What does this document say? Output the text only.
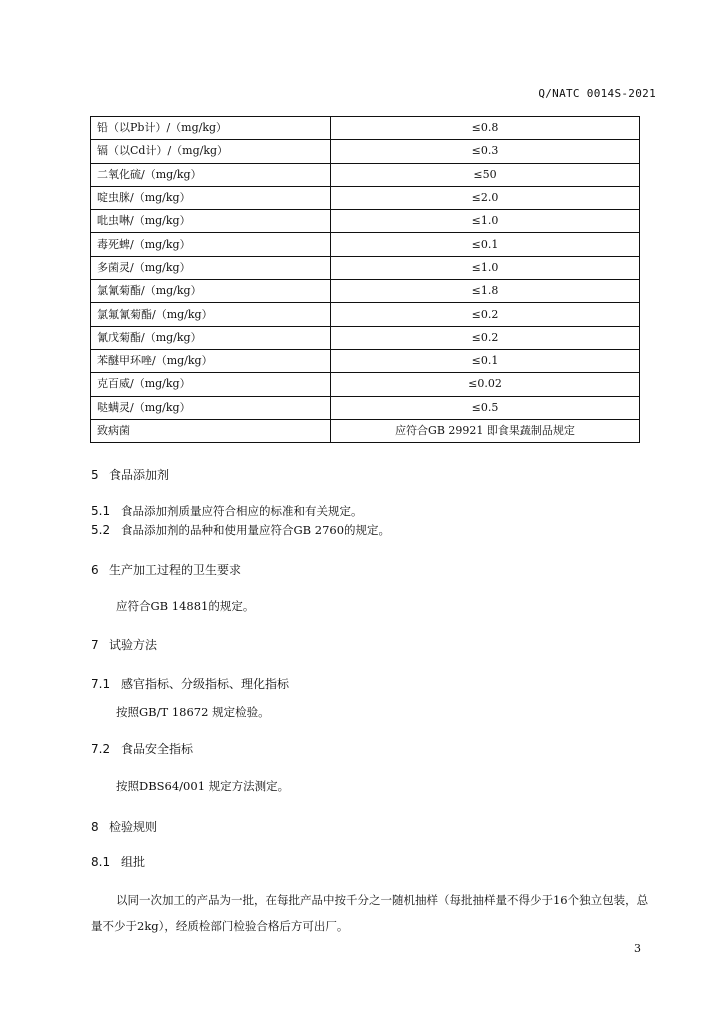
Q/NATC 0014S-2021
铅（以Pb计）/（mg/kg）	≤0.8
镉（以Cd计）/（mg/kg）	≤0.3
二氧化硫/（mg/kg）	≤50
啶虫脒/（mg/kg）	≤2.0
吡虫啉/（mg/kg）	≤1.0
毒死蜱/（mg/kg）	≤0.1
多菌灵/（mg/kg）	≤1.0
氯氰菊酯/（mg/kg）	≤1.8
氯氟氰菊酯/（mg/kg）	≤0.2
氰戊菊酯/（mg/kg）	≤0.2
苯醚甲环唑/（mg/kg）	≤0.1
克百威/（mg/kg）	≤0.02
哒螨灵/（mg/kg）	≤0.5
致病菌	应符合GB 29921 即食果蔬制品规定
5 食品添加剂
5.1 食品添加剂质量应符合相应的标准和有关规定。
5.2 食品添加剂的品种和使用量应符合GB 2760的规定。
6 生产加工过程的卫生要求
应符合GB 14881的规定。
7 试验方法
7.1 感官指标、分级指标、理化指标
按照GB/T 18672 规定检验。
7.2 食品安全指标
按照DBS64/001 规定方法测定。
8 检验规则
8.1 组批
以同一次加工的产品为一批，在每批产品中按千分之一随机抽样（每批抽样量不得少于16个独立包装，总量不少于2kg），经质检部门检验合格后方可出厂。
3
